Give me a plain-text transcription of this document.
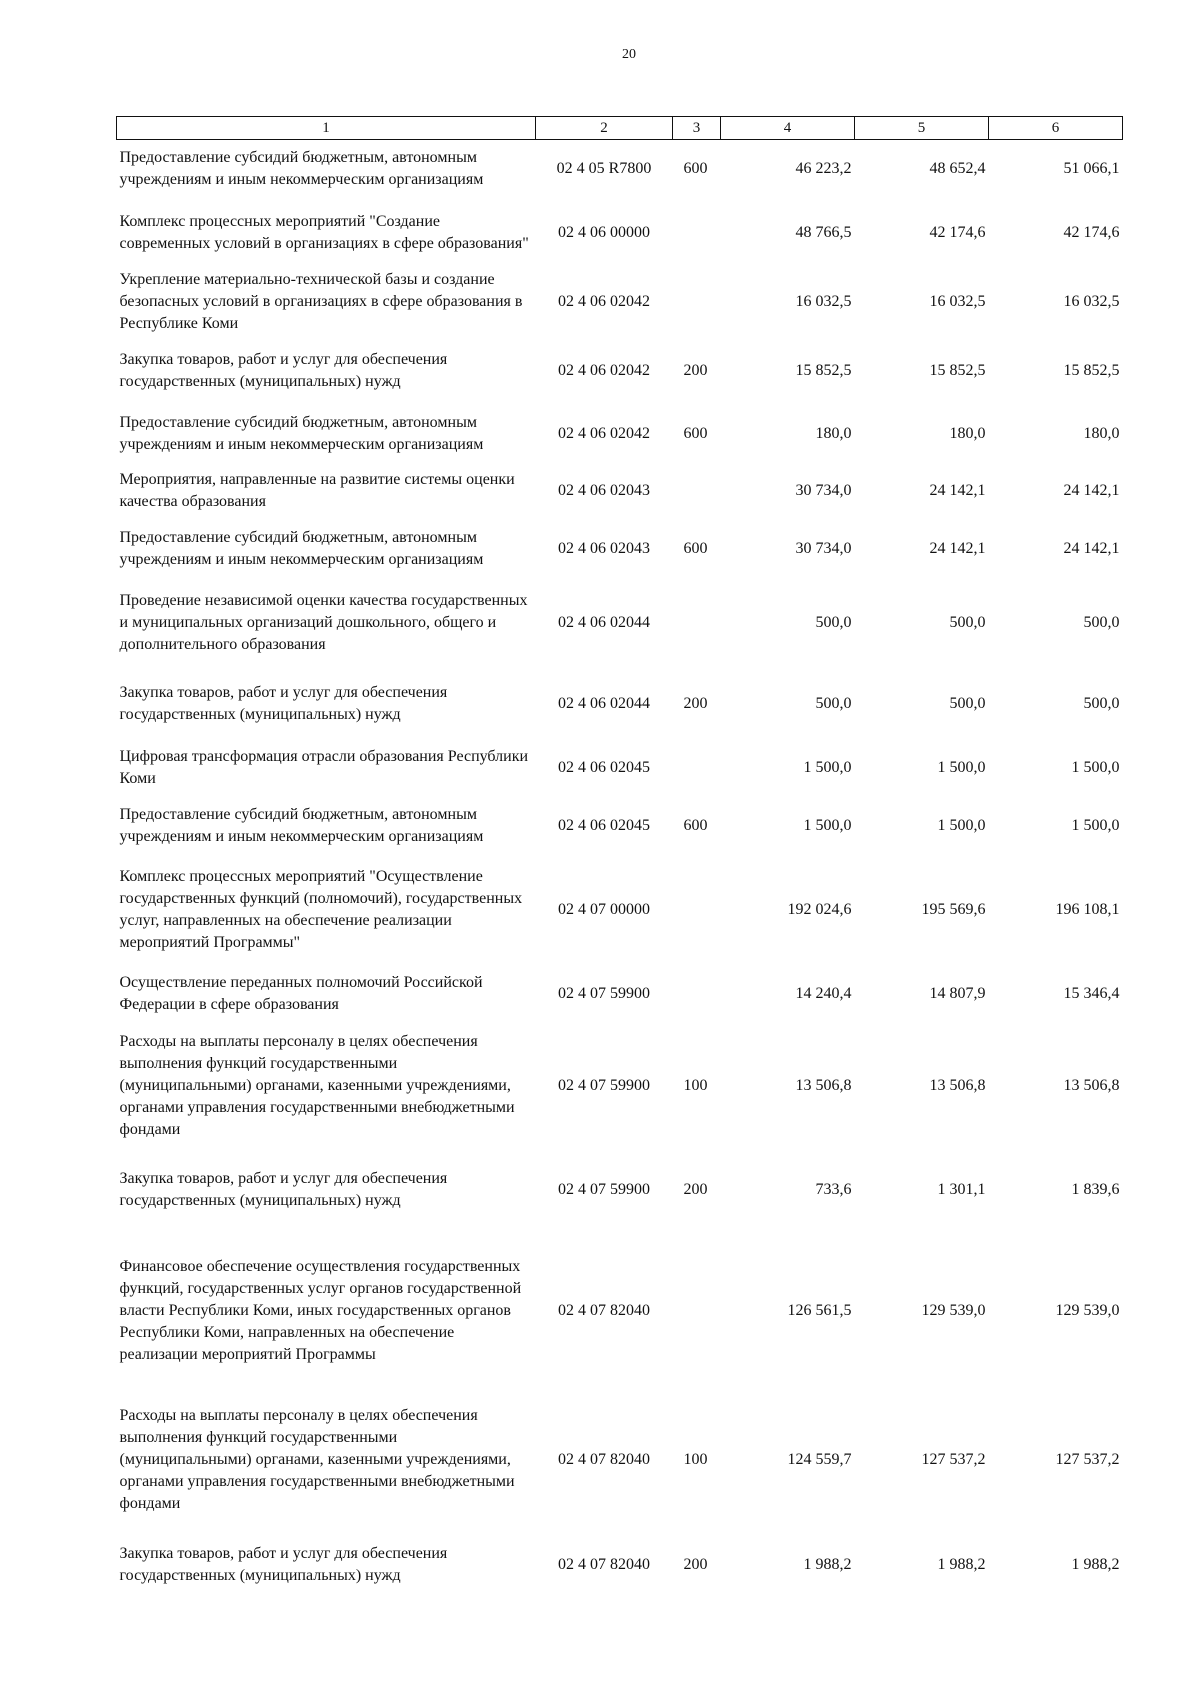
20
1	2	3	4	5	6
Предоставление субсидий бюджетным, автономным учреждениям и иным некоммерческим организациям	02 4 05 R7800	600	46 223,2	48 652,4	51 066,1
Комплекс процессных мероприятий "Создание современных условий в организациях в сфере образования"	02 4 06 00000		48 766,5	42 174,6	42 174,6
Укрепление материально-технической базы и создание безопасных условий в организациях в сфере образования в Республике Коми	02 4 06 02042		16 032,5	16 032,5	16 032,5
Закупка товаров, работ и услуг для обеспечения государственных (муниципальных) нужд	02 4 06 02042	200	15 852,5	15 852,5	15 852,5
Предоставление субсидий бюджетным, автономным учреждениям и иным некоммерческим организациям	02 4 06 02042	600	180,0	180,0	180,0
Мероприятия, направленные на развитие системы оценки качества образования	02 4 06 02043		30 734,0	24 142,1	24 142,1
Предоставление субсидий бюджетным, автономным учреждениям и иным некоммерческим организациям	02 4 06 02043	600	30 734,0	24 142,1	24 142,1
Проведение независимой оценки качества государственных и муниципальных организаций дошкольного, общего и дополнительного образования	02 4 06 02044		500,0	500,0	500,0
Закупка товаров, работ и услуг для обеспечения государственных (муниципальных) нужд	02 4 06 02044	200	500,0	500,0	500,0
Цифровая трансформация отрасли образования Республики Коми	02 4 06 02045		1 500,0	1 500,0	1 500,0
Предоставление субсидий бюджетным, автономным учреждениям и иным некоммерческим организациям	02 4 06 02045	600	1 500,0	1 500,0	1 500,0
Комплекс процессных мероприятий "Осуществление государственных функций (полномочий), государственных услуг, направленных на обеспечение реализации мероприятий Программы"	02 4 07 00000		192 024,6	195 569,6	196 108,1
Осуществление переданных полномочий Российской Федерации в сфере образования	02 4 07 59900		14 240,4	14 807,9	15 346,4
Расходы на выплаты персоналу в целях обеспечения выполнения функций государственными (муниципальными) органами, казенными учреждениями, органами управления государственными внебюджетными фондами	02 4 07 59900	100	13 506,8	13 506,8	13 506,8
Закупка товаров, работ и услуг для обеспечения государственных (муниципальных) нужд	02 4 07 59900	200	733,6	1 301,1	1 839,6
Финансовое обеспечение осуществления государственных функций, государственных услуг органов государственной власти Республики Коми, иных государственных органов Республики Коми, направленных на обеспечение реализации мероприятий Программы	02 4 07 82040		126 561,5	129 539,0	129 539,0
Расходы на выплаты персоналу в целях обеспечения выполнения функций государственными (муниципальными) органами, казенными учреждениями, органами управления государственными внебюджетными фондами	02 4 07 82040	100	124 559,7	127 537,2	127 537,2
Закупка товаров, работ и услуг для обеспечения государственных (муниципальных) нужд	02 4 07 82040	200	1 988,2	1 988,2	1 988,2
